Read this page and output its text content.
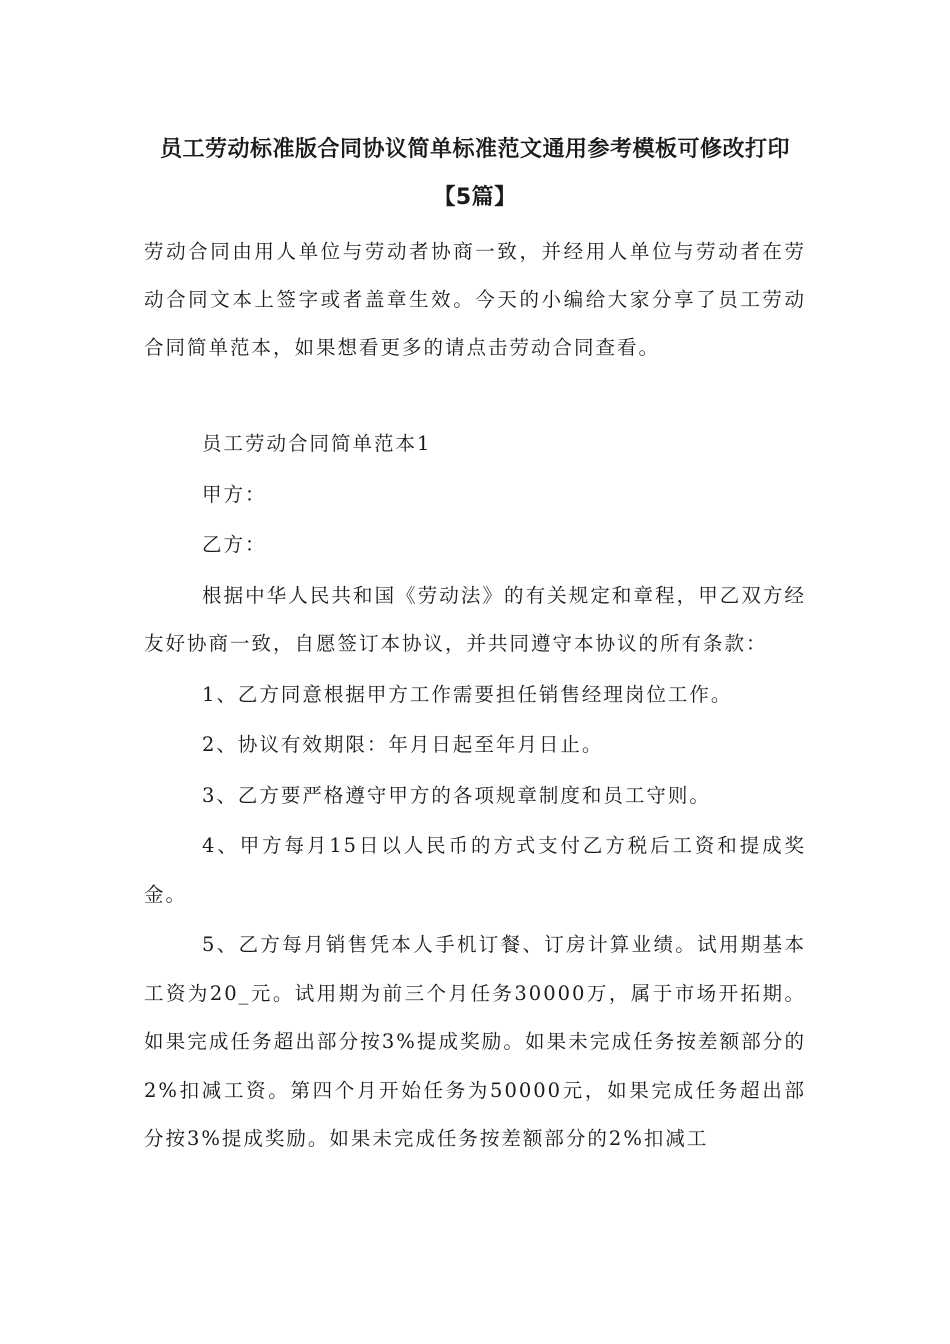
员工劳动标准版合同协议简单标准范文通用参考模板可修改打印【5篇】

劳动合同由用人单位与劳动者协商一致，并经用人单位与劳动者在劳动合同文本上签字或者盖章生效。今天的小编给大家分享了员工劳动合同简单范本，如果想看更多的请点击劳动合同查看。

员工劳动合同简单范本1

甲方：

乙方：

根据中华人民共和国《劳动法》的有关规定和章程，甲乙双方经友好协商一致，自愿签订本协议，并共同遵守本协议的所有条款：

1、乙方同意根据甲方工作需要担任销售经理岗位工作。

2、协议有效期限：年月日起至年月日止。

3、乙方要严格遵守甲方的各项规章制度和员工守则。

4、甲方每月15日以人民币的方式支付乙方税后工资和提成奖金。

5、乙方每月销售凭本人手机订餐、订房计算业绩。试用期基本工资为20_元。试用期为前三个月任务30000万，属于市场开拓期。如果完成任务超出部分按3%提成奖励。如果未完成任务按差额部分的2%扣减工资。第四个月开始任务为50000元，如果完成任务超出部分按3%提成奖励。如果未完成任务按差额部分的2%扣减工
